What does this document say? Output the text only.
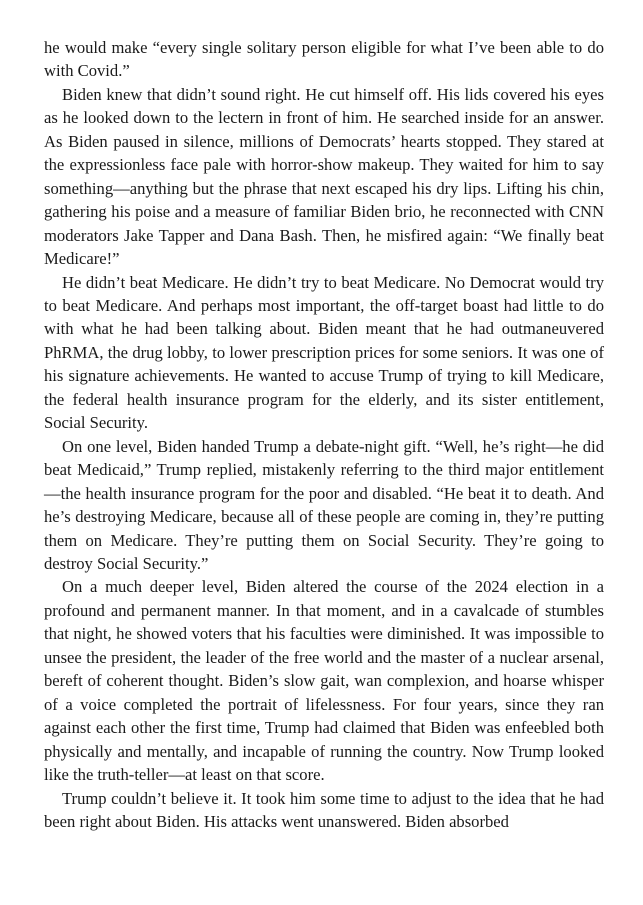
he would make “every single solitary person eligible for what I’ve been able to do with Covid.”

Biden knew that didn’t sound right. He cut himself off. His lids covered his eyes as he looked down to the lectern in front of him. He searched inside for an answer. As Biden paused in silence, millions of Democrats’ hearts stopped. They stared at the expressionless face pale with horror-show makeup. They waited for him to say something—anything but the phrase that next escaped his dry lips. Lifting his chin, gathering his poise and a measure of familiar Biden brio, he reconnected with CNN moderators Jake Tapper and Dana Bash. Then, he misfired again: “We finally beat Medicare!”

He didn’t beat Medicare. He didn’t try to beat Medicare. No Democrat would try to beat Medicare. And perhaps most important, the off-target boast had little to do with what he had been talking about. Biden meant that he had outmaneuvered PhRMA, the drug lobby, to lower prescription prices for some seniors. It was one of his signature achievements. He wanted to accuse Trump of trying to kill Medicare, the federal health insurance program for the elderly, and its sister entitlement, Social Security.

On one level, Biden handed Trump a debate-night gift. “Well, he’s right—he did beat Medicaid,” Trump replied, mistakenly referring to the third major entitlement—the health insurance program for the poor and disabled. “He beat it to death. And he’s destroying Medicare, because all of these people are coming in, they’re putting them on Medicare. They’re putting them on Social Security. They’re going to destroy Social Security.”

On a much deeper level, Biden altered the course of the 2024 election in a profound and permanent manner. In that moment, and in a cavalcade of stumbles that night, he showed voters that his faculties were diminished. It was impossible to unsee the president, the leader of the free world and the master of a nuclear arsenal, bereft of coherent thought. Biden’s slow gait, wan complexion, and hoarse whisper of a voice completed the portrait of lifelessness. For four years, since they ran against each other the first time, Trump had claimed that Biden was enfeebled both physically and mentally, and incapable of running the country. Now Trump looked like the truth-teller—at least on that score.

Trump couldn’t believe it. It took him some time to adjust to the idea that he had been right about Biden. His attacks went unanswered. Biden absorbed
